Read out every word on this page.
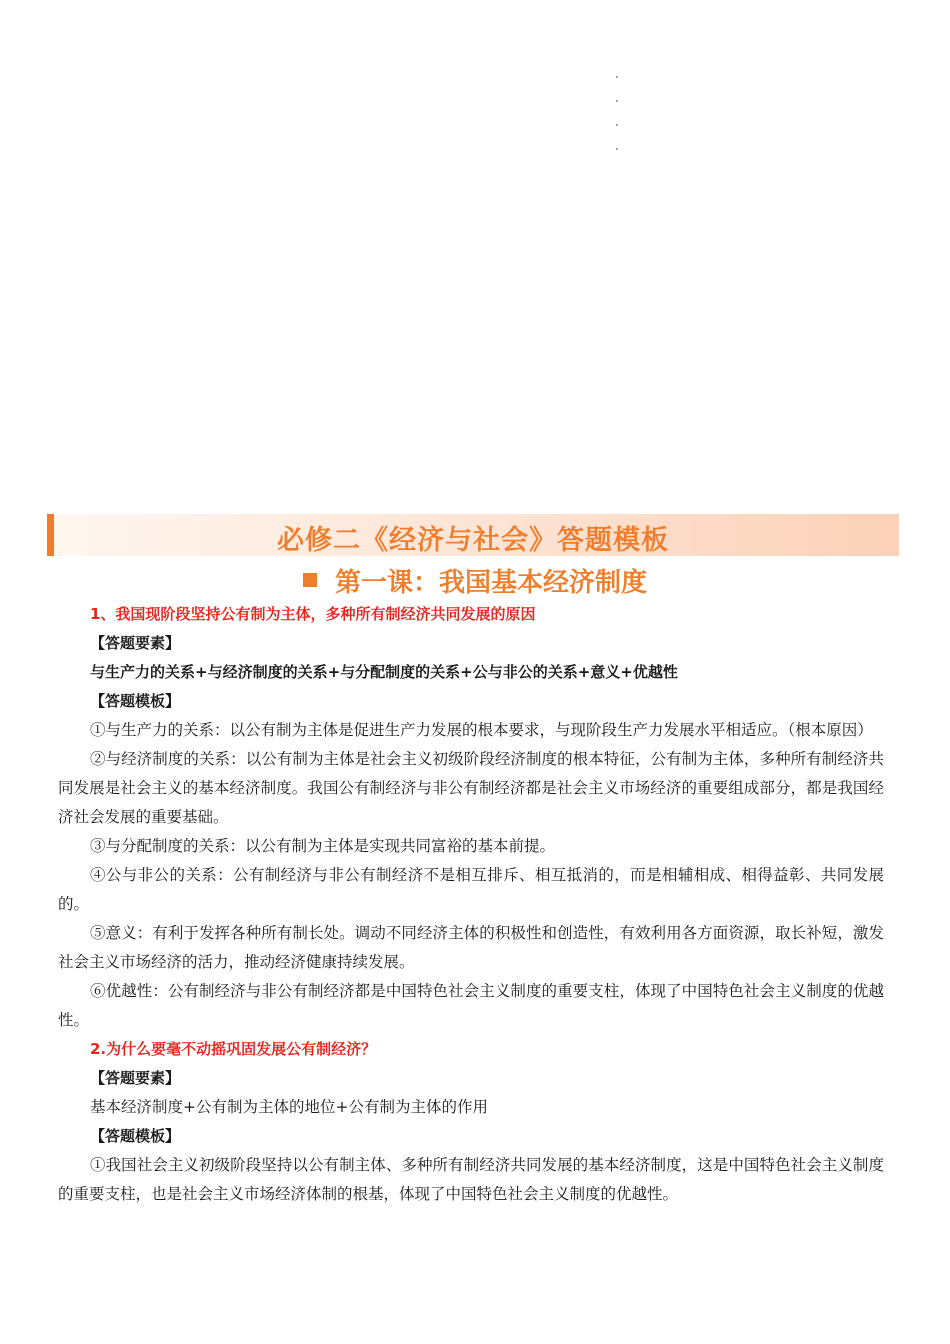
必修二《经济与社会》答题模板
第一课：我国基本经济制度
1、我国现阶段坚持公有制为主体，多种所有制经济共同发展的原因
【答题要素】
与生产力的关系+与经济制度的关系+与分配制度的关系+公与非公的关系+意义+优越性
【答题模板】
①与生产力的关系：以公有制为主体是促进生产力发展的根本要求，与现阶段生产力发展水平相适应。（根本原因）
②与经济制度的关系：以公有制为主体是社会主义初级阶段经济制度的根本特征，公有制为主体，多种所有制经济共同发展是社会主义的基本经济制度。我国公有制经济与非公有制经济都是社会主义市场经济的重要组成部分，都是我国经济社会发展的重要基础。
③与分配制度的关系：以公有制为主体是实现共同富裕的基本前提。
④公与非公的关系：公有制经济与非公有制经济不是相互排斥、相互抵消的，而是相辅相成、相得益彰、共同发展的。
⑤意义：有利于发挥各种所有制长处。调动不同经济主体的积极性和创造性，有效利用各方面资源，取长补短，激发社会主义市场经济的活力，推动经济健康持续发展。
⑥优越性：公有制经济与非公有制经济都是中国特色社会主义制度的重要支柱，体现了中国特色社会主义制度的优越性。
2.为什么要毫不动摇巩固发展公有制经济？
【答题要素】
基本经济制度+公有制为主体的地位+公有制为主体的作用
【答题模板】
①我国社会主义初级阶段坚持以公有制主体、多种所有制经济共同发展的基本经济制度，这是中国特色社会主义制度的重要支柱，也是社会主义市场经济体制的根基，体现了中国特色社会主义制度的优越性。
